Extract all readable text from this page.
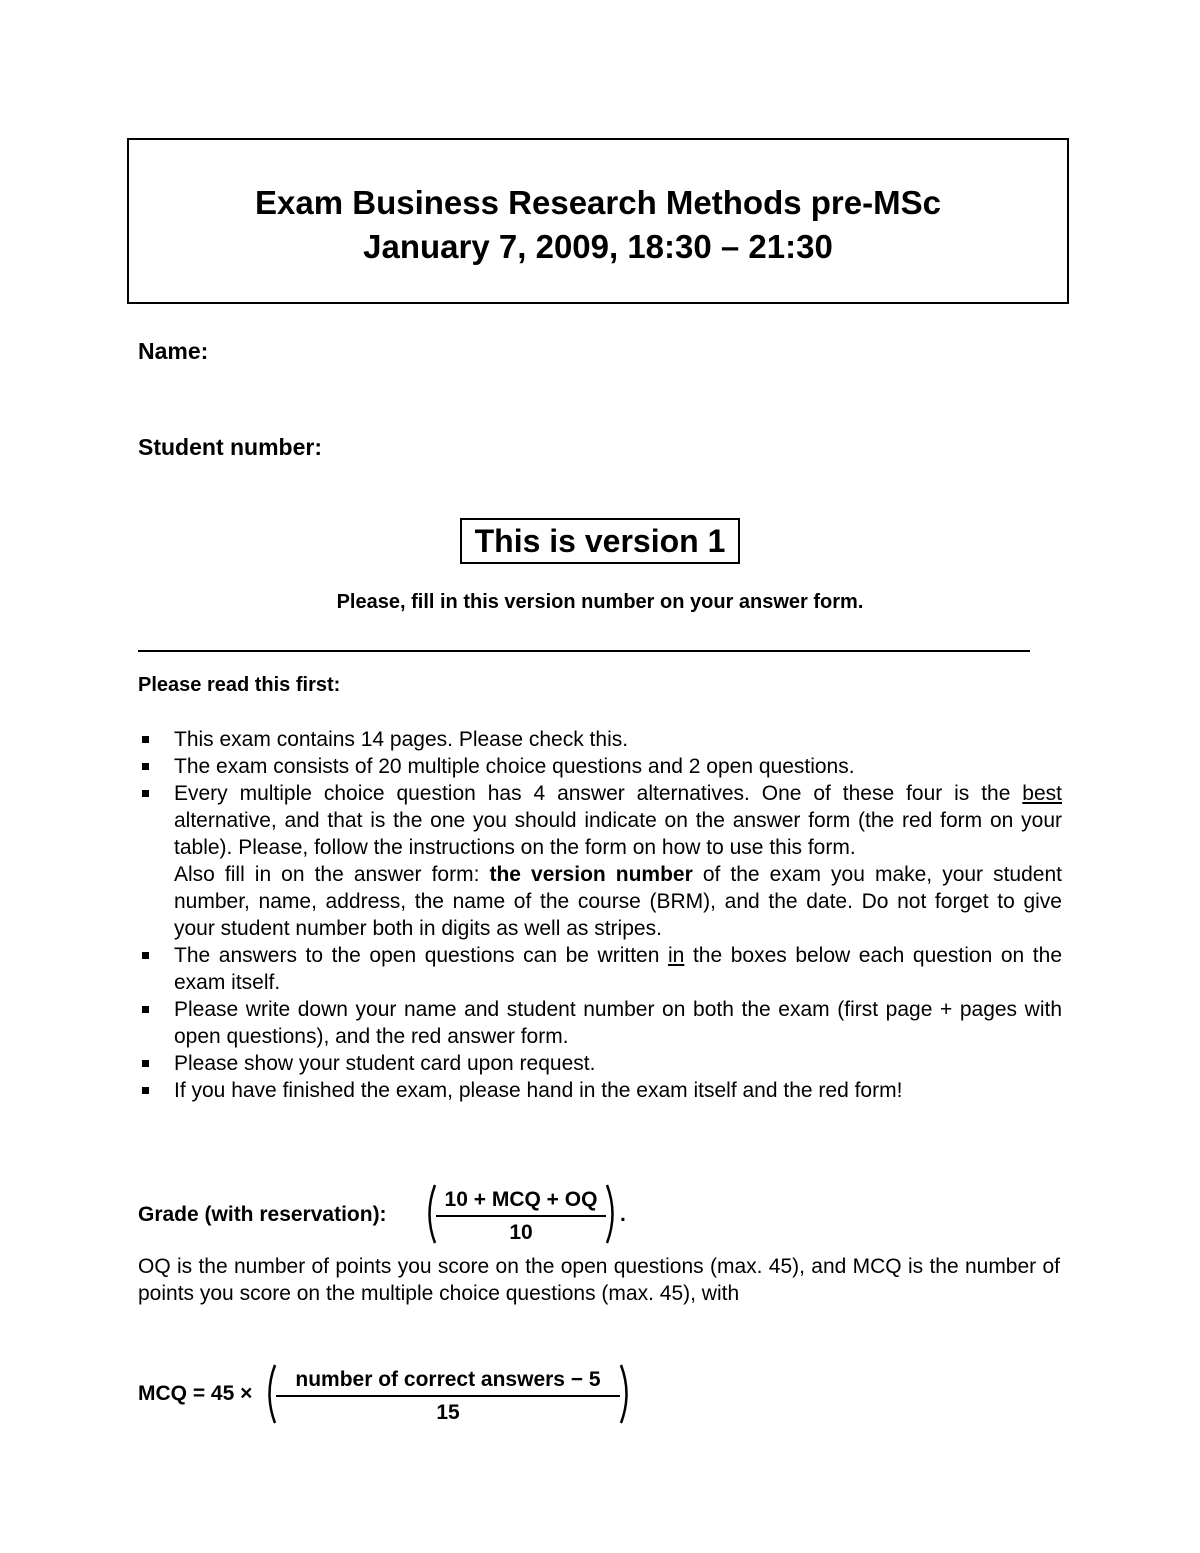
Exam Business Research Methods pre-MSc
January 7, 2009, 18:30 – 21:30
Name:
Student number:
This is version 1
Please, fill in this version number on your answer form.
Please read this first:
This exam contains 14 pages. Please check this.
The exam consists of 20 multiple choice questions and 2 open questions.
Every multiple choice question has 4 answer alternatives. One of these four is the best alternative, and that is the one you should indicate on the answer form (the red form on your table). Please, follow the instructions on the form on how to use this form.
Also fill in on the answer form: the version number of the exam you make, your student number, name, address, the name of the course (BRM), and the date. Do not forget to give your student number both in digits as well as stripes.
The answers to the open questions can be written in the boxes below each question on the exam itself.
Please write down your name and student number on both the exam (first page + pages with open questions), and the red answer form.
Please show your student card upon request.
If you have finished the exam, please hand in the exam itself and the red form!
Grade (with reservation):
10 + MCQ + OQ
10
.

OQ is the number of points you score on the open questions (max. 45), and MCQ is the number of points you score on the multiple choice questions (max. 45), with

MCQ = 45 ×
number of correct answers − 5
15
